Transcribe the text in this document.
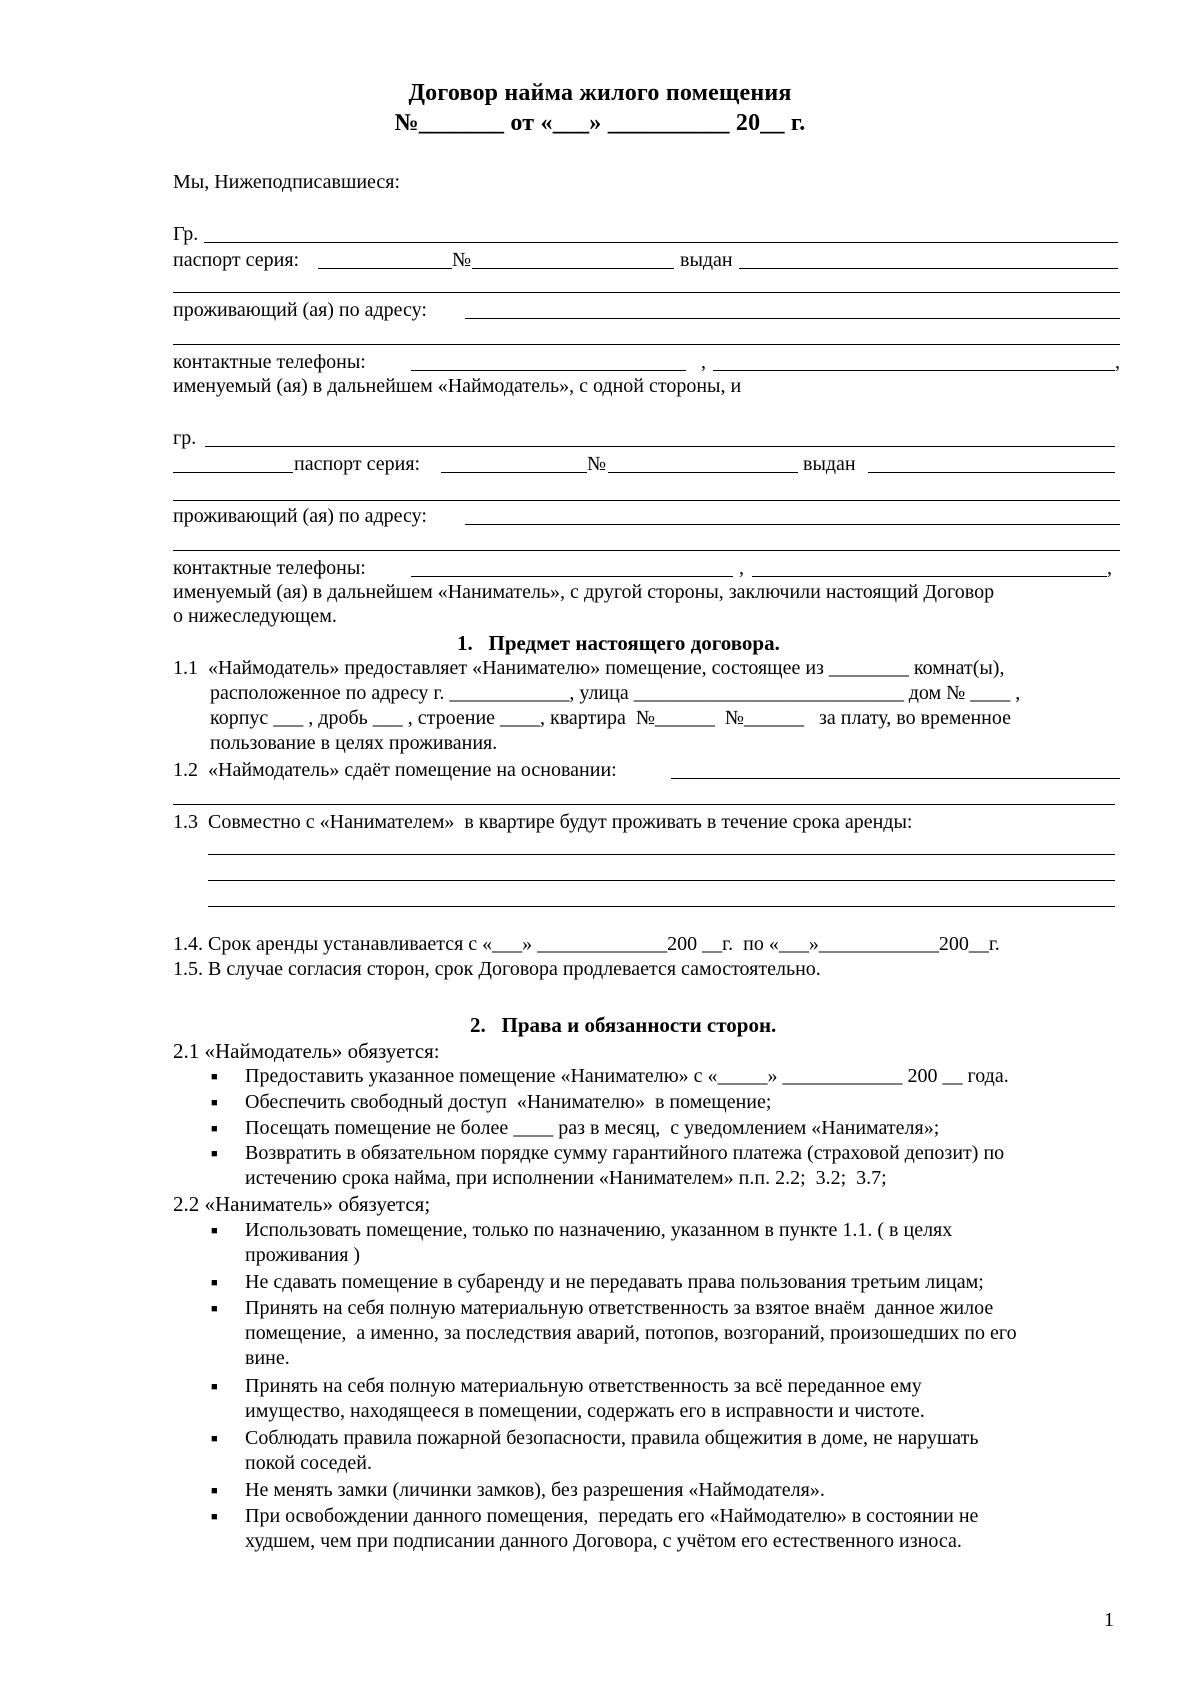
Договор найма жилого помещения
№_______ от «___» __________ 20__ г.
Мы, Нижеподписавшиеся:
Гр.
паспорт серия:	№	выдан
проживающий (ая) по адресу:
контактные телефоны:	,	,
именуемый (ая) в дальнейшем «Наймодатель», с одной стороны, и
гр.
паспорт серия:	№	выдан
проживающий (ая) по адресу:
контактные телефоны:	,	,
именуемый (ая) в дальнейшем «Наниматель», с другой стороны, заключили настоящий Договор
о нижеследующем.
1.   Предмет настоящего договора.
1.1  «Наймодатель» предоставляет «Нанимателю» помещение, состоящее из ________ комнат(ы),
расположенное по адресу г. ____________, улица ___________________________ дом № ____ ,
корпус ___ , дробь ___ , строение ____, квартира  №______  №______   за плату, во временное
пользование в целях проживания.
1.2  «Наймодатель» сдаёт помещение на основании:
1.3  Совместно с «Нанимателем»  в квартире будут проживать в течение срока аренды:
1.4. Срок аренды устанавливается с «___» _____________200 __г.  по «___»____________200__г.
1.5. В случае согласия сторон, срок Договора продлевается самостоятельно.
2.   Права и обязанности сторон.
2.1 «Наймодатель» обязуется:
■ Предоставить указанное помещение «Нанимателю» с «_____» ____________ 200 __ года.
■ Обеспечить свободный доступ  «Нанимателю»  в помещение;
■ Посещать помещение не более ____ раз в месяц,  с уведомлением «Нанимателя»;
■ Возвратить в обязательном порядке сумму гарантийного платежа (страховой депозит) по
истечению срока найма, при исполнении «Нанимателем» п.п. 2.2;  3.2;  3.7;
2.2 «Наниматель» обязуется;
■ Использовать помещение, только по назначению, указанном в пункте 1.1. ( в целях
проживания )
■ Не сдавать помещение в субаренду и не передавать права пользования третьим лицам;
■ Принять на себя полную материальную ответственность за взятое внаём  данное жилое
помещение,  а именно, за последствия аварий, потопов, возгораний, произошедших по его
вине.
■ Принять на себя полную материальную ответственность за всё переданное ему
имущество, находящееся в помещении, содержать его в исправности и чистоте.
■ Соблюдать правила пожарной безопасности, правила общежития в доме, не нарушать
покой соседей.
■ Не менять замки (личинки замков), без разрешения «Наймодателя».
■ При освобождении данного помещения,  передать его «Наймодателю» в состоянии не
худшем, чем при подписании данного Договора, с учётом его естественного износа.
1
